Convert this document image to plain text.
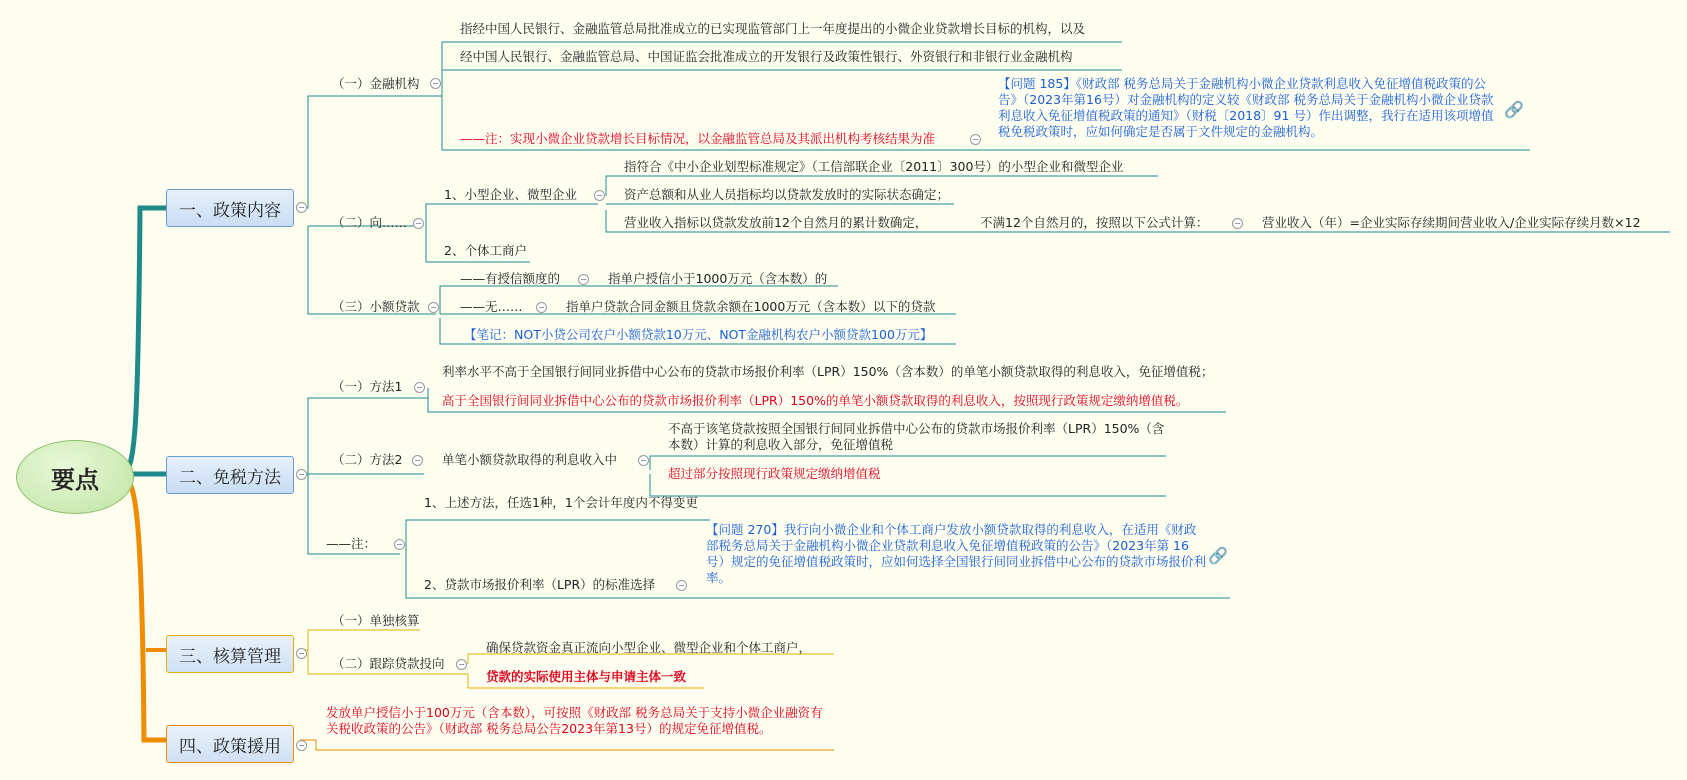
要点
一、政策内容
二、免税方法
三、核算管理
四、政策援用
−
−
−
−
（一）金融机构 −
指经中国人民银行、金融监管总局批准成立的已实现监管部门上一年度提出的小微企业贷款增长目标的机构，以及
经中国人民银行、金融监管总局、中国证监会批准成立的开发银行及政策性银行、外资银行和非银行业金融机构
——注：实现小微企业贷款增长目标情况，以金融监管总局及其派出机构考核结果为准	−
【问题 185】《财政部 税务总局关于金融机构小微企业贷款利息收入免征增值税政策的公告》（2023年第16号）对金融机构的定义较《财政部 税务总局关于金融机构小微企业贷款利息收入免征增值税政策的通知》（财税〔2018〕91 号）作出调整，我行在适用该项增值税免税政策时，应如何确定是否属于文件规定的金融机构。
🔗
（二）向…… −
1、小型企业、微型企业 −
指符合《中小企业划型标准规定》（工信部联企业〔2011〕300号）的小型企业和微型企业
资产总额和从业人员指标均以贷款发放时的实际状态确定；
营业收入指标以贷款发放前12个自然月的累计数确定，	不满12个自然月的，按照以下公式计算：	− 营业收入（年）=企业实际存续期间营业收入/企业实际存续月数×12
2、个体工商户
（三）小额贷款 −
——有授信额度的	− 指单户授信小于1000万元（含本数）的
——无…… − 指单户贷款合同金额且贷款余额在1000万元（含本数）以下的贷款
【笔记：NOT小贷公司农户小额贷款10万元、NOT金融机构农户小额贷款100万元】
（一）方法1 −
利率水平不高于全国银行间同业拆借中心公布的贷款市场报价利率（LPR）150%（含本数）的单笔小额贷款取得的利息收入，免征增值税；
高于全国银行间同业拆借中心公布的贷款市场报价利率（LPR）150%的单笔小额贷款取得的利息收入，按照现行政策规定缴纳增值税。
（二）方法2 − 单笔小额贷款取得的利息收入中	−
不高于该笔贷款按照全国银行间同业拆借中心公布的贷款市场报价利率（LPR）150%（含本数）计算的利息收入部分，免征增值税
超过部分按照现行政策规定缴纳增值税
——注：	−
1、上述方法，任选1种，1个会计年度内不得变更
2、贷款市场报价利率（LPR）的标准选择	−
【问题 270】我行向小微企业和个体工商户发放小额贷款取得的利息收入，在适用《财政部税务总局关于金融机构小微企业贷款利息收入免征增值税政策的公告》（2023年第 16 号）规定的免征增值税政策时，应如何选择全国银行间同业拆借中心公布的贷款市场报价利率。
🔗
（一）单独核算
（二）跟踪贷款投向 −
确保贷款资金真正流向小型企业、微型企业和个体工商户，
贷款的实际使用主体与申请主体一致
发放单户授信小于100万元（含本数），可按照《财政部 税务总局关于支持小微企业融资有关税收政策的公告》（财政部 税务总局公告2023年第13号）的规定免征增值税。
